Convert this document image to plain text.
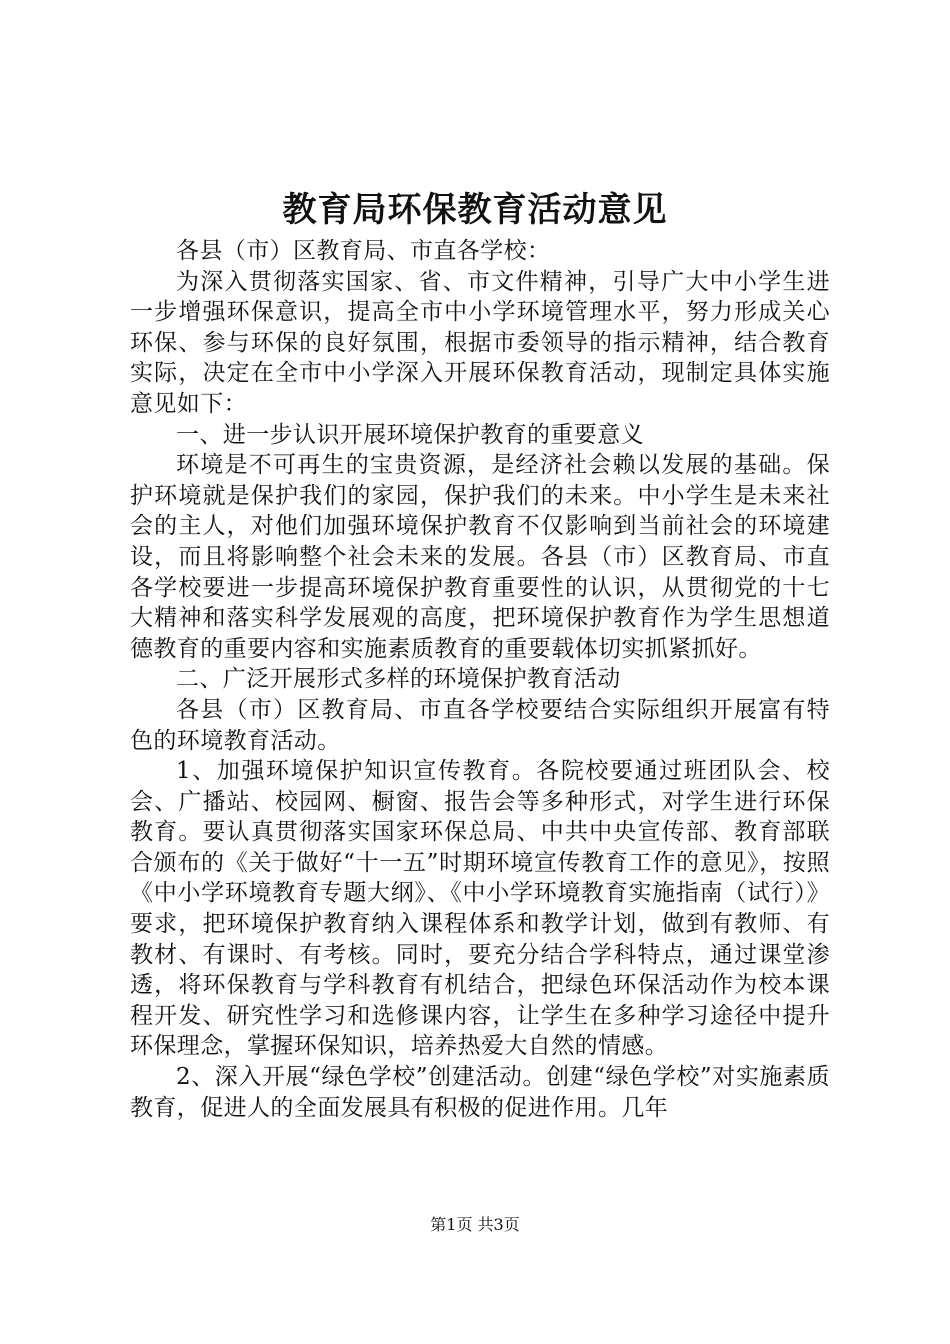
教育局环保教育活动意见

各县（市）区教育局、市直各学校：

为深入贯彻落实国家、省、市文件精神，引导广大中小学生进一步增强环保意识，提高全市中小学环境管理水平，努力形成关心环保、参与环保的良好氛围，根据市委领导的指示精神，结合教育实际，决定在全市中小学深入开展环保教育活动，现制定具体实施意见如下：

一、进一步认识开展环境保护教育的重要意义

环境是不可再生的宝贵资源，是经济社会赖以发展的基础。保护环境就是保护我们的家园，保护我们的未来。中小学生是未来社会的主人，对他们加强环境保护教育不仅影响到当前社会的环境建设，而且将影响整个社会未来的发展。各县（市）区教育局、市直各学校要进一步提高环境保护教育重要性的认识，从贯彻党的十七大精神和落实科学发展观的高度，把环境保护教育作为学生思想道德教育的重要内容和实施素质教育的重要载体切实抓紧抓好。

二、广泛开展形式多样的环境保护教育活动

各县（市）区教育局、市直各学校要结合实际组织开展富有特色的环境教育活动。

1、加强环境保护知识宣传教育。各院校要通过班团队会、校会、广播站、校园网、橱窗、报告会等多种形式，对学生进行环保教育。要认真贯彻落实国家环保总局、中共中央宣传部、教育部联合颁布的《关于做好“十一五”时期环境宣传教育工作的意见》，按照《中小学环境教育专题大纲》、《中小学环境教育实施指南（试行）》要求，把环境保护教育纳入课程体系和教学计划，做到有教师、有教材、有课时、有考核。同时，要充分结合学科特点，通过课堂渗透，将环保教育与学科教育有机结合，把绿色环保活动作为校本课程开发、研究性学习和选修课内容，让学生在多种学习途径中提升环保理念，掌握环保知识，培养热爱大自然的情感。

2、深入开展“绿色学校”创建活动。创建“绿色学校”对实施素质教育，促进人的全面发展具有积极的促进作用。几年

第1页 共3页
